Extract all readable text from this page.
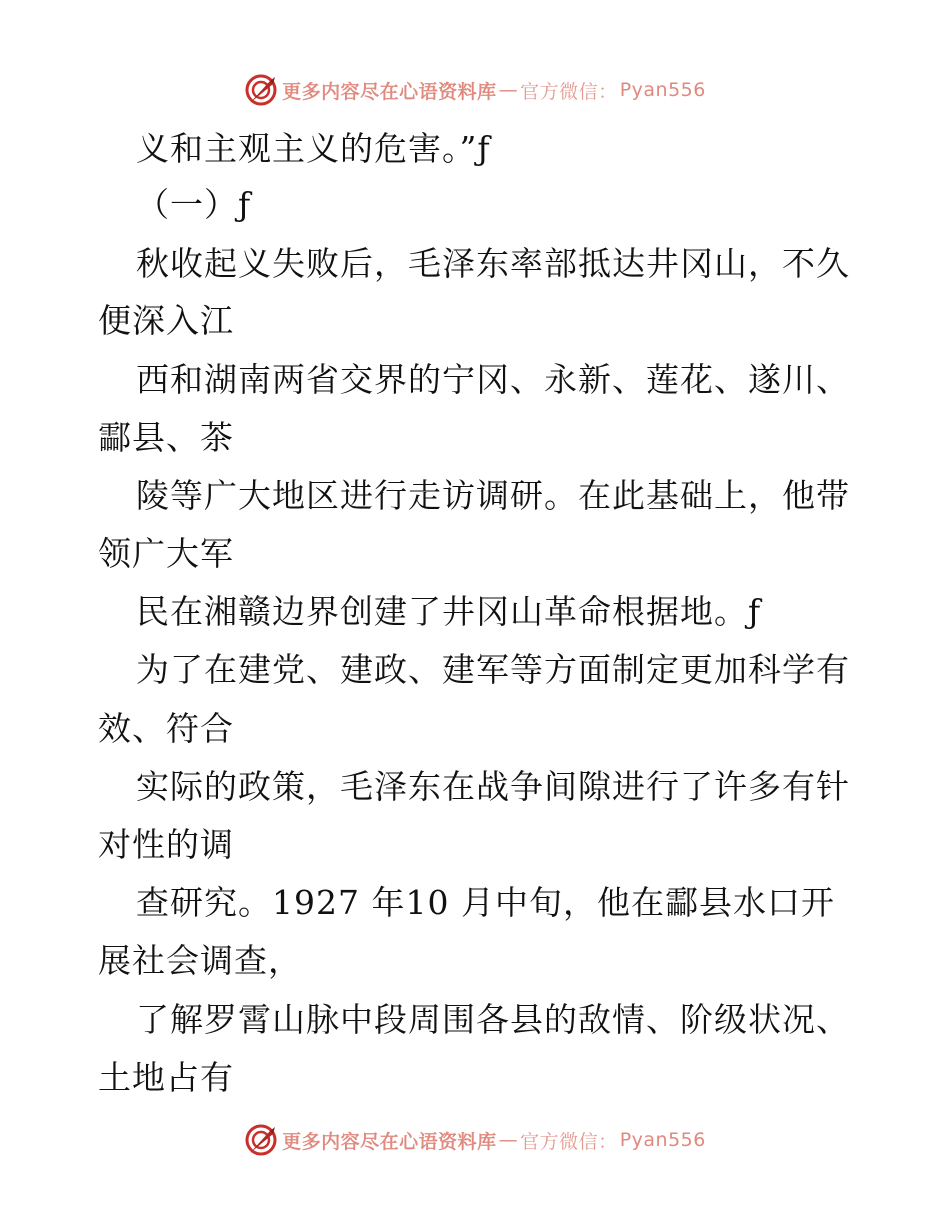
更多内容尽在心语资料库 — 官方微信： Pyan556
义和主观主义的危害。”ƒ
（一）ƒ
秋收起义失败后，毛泽东率部抵达井冈山，不久
便深入江
西和湖南两省交界的宁冈、永新、莲花、遂川、
酃县、茶
陵等广大地区进行走访调研。在此基础上，他带
领广大军
民在湘赣边界创建了井冈山革命根据地。ƒ
为了在建党、建政、建军等方面制定更加科学有
效、符合
实际的政策，毛泽东在战争间隙进行了许多有针
对性的调
查研究。1927 年10 月中旬，他在酃县水口开
展社会调查，
了解罗霄山脉中段周围各县的敌情、阶级状况、
土地占有
更多内容尽在心语资料库 — 官方微信： Pyan556
